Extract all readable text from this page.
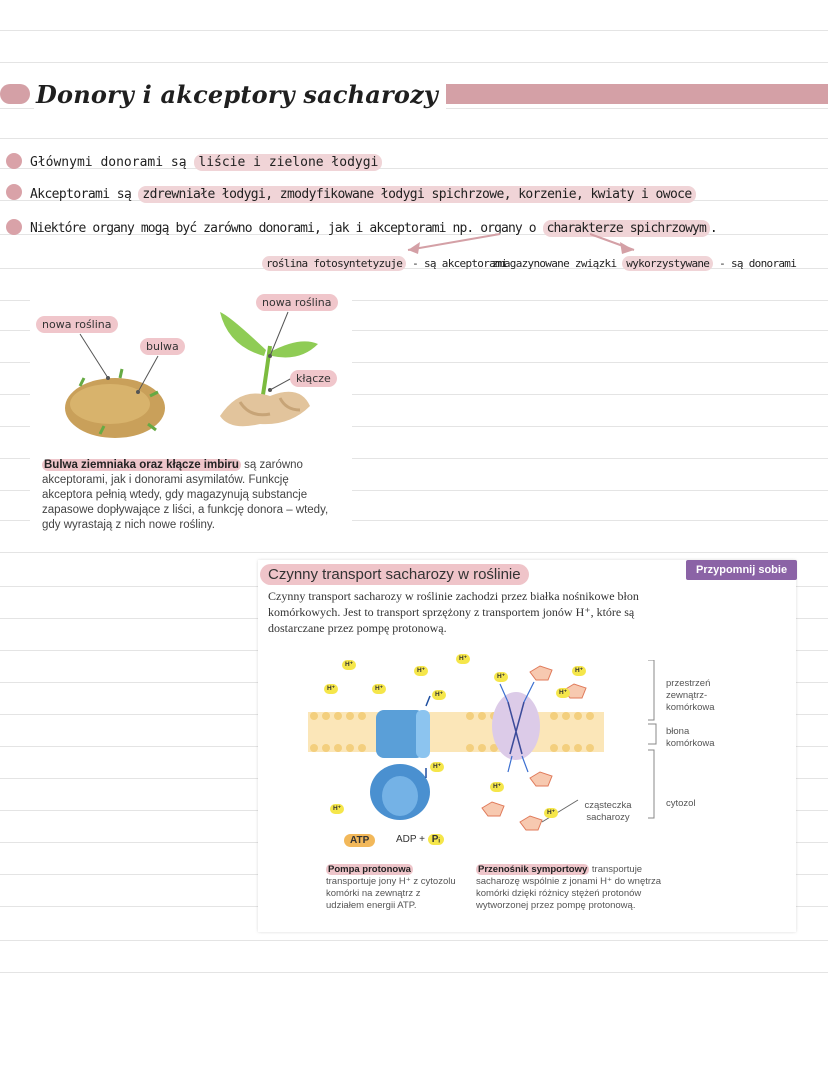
Donory i akceptory sacharozy
Głównymi donorami są liście i zielone łodygi
Akceptorami są zdrewniałe łodygi, zmodyfikowane łodygi spichrzowe, korzenie, kwiaty i owoce
Niektóre organy mogą być zarówno donorami, jak i akceptorami np. organy o charakterze spichrzowym .
roślina fotosyntetyzuje - są akceptorami
zmagazynowane związki wykorzystywane - są donorami
nowa roślina
bulwa
nowa roślina
kłącze
Bulwa ziemniaka oraz kłącze imbiru są zarówno akceptorami, jak i donorami asymilatów. Funkcję akceptora pełnią wtedy, gdy magazynują substancje zapasowe dopływające z liści, a funkcję donora – wtedy, gdy wyrastają z nich nowe rośliny.
Czynny transport sacharozy w roślinie	Przypomnij sobie
Czynny transport sacharozy w roślinie zachodzi przez białka nośnikowe błon komórkowych. Jest to transport sprzężony z transportem jonów H⁺, które są dostarczane przez pompę protonową.
H⁺
H⁺	H⁺
H⁺
H⁺
H⁺
H⁺
H⁺
H⁺
H⁺
H⁺
H⁺
H⁺
ATP	ADP + Pᵢ
cząsteczka sacharozy
przestrzeń zewnątrz-komórkowa
błona komórkowa
cytozol
Pompa protonowa transportuje jony H⁺ z cytozolu komórki na zewnątrz z udziałem energii ATP.
Przenośnik symportowy transportuje sacharozę wspólnie z jonami H⁺ do wnętrza komórki dzięki różnicy stężeń protonów wytworzonej przez pompę protonową.
